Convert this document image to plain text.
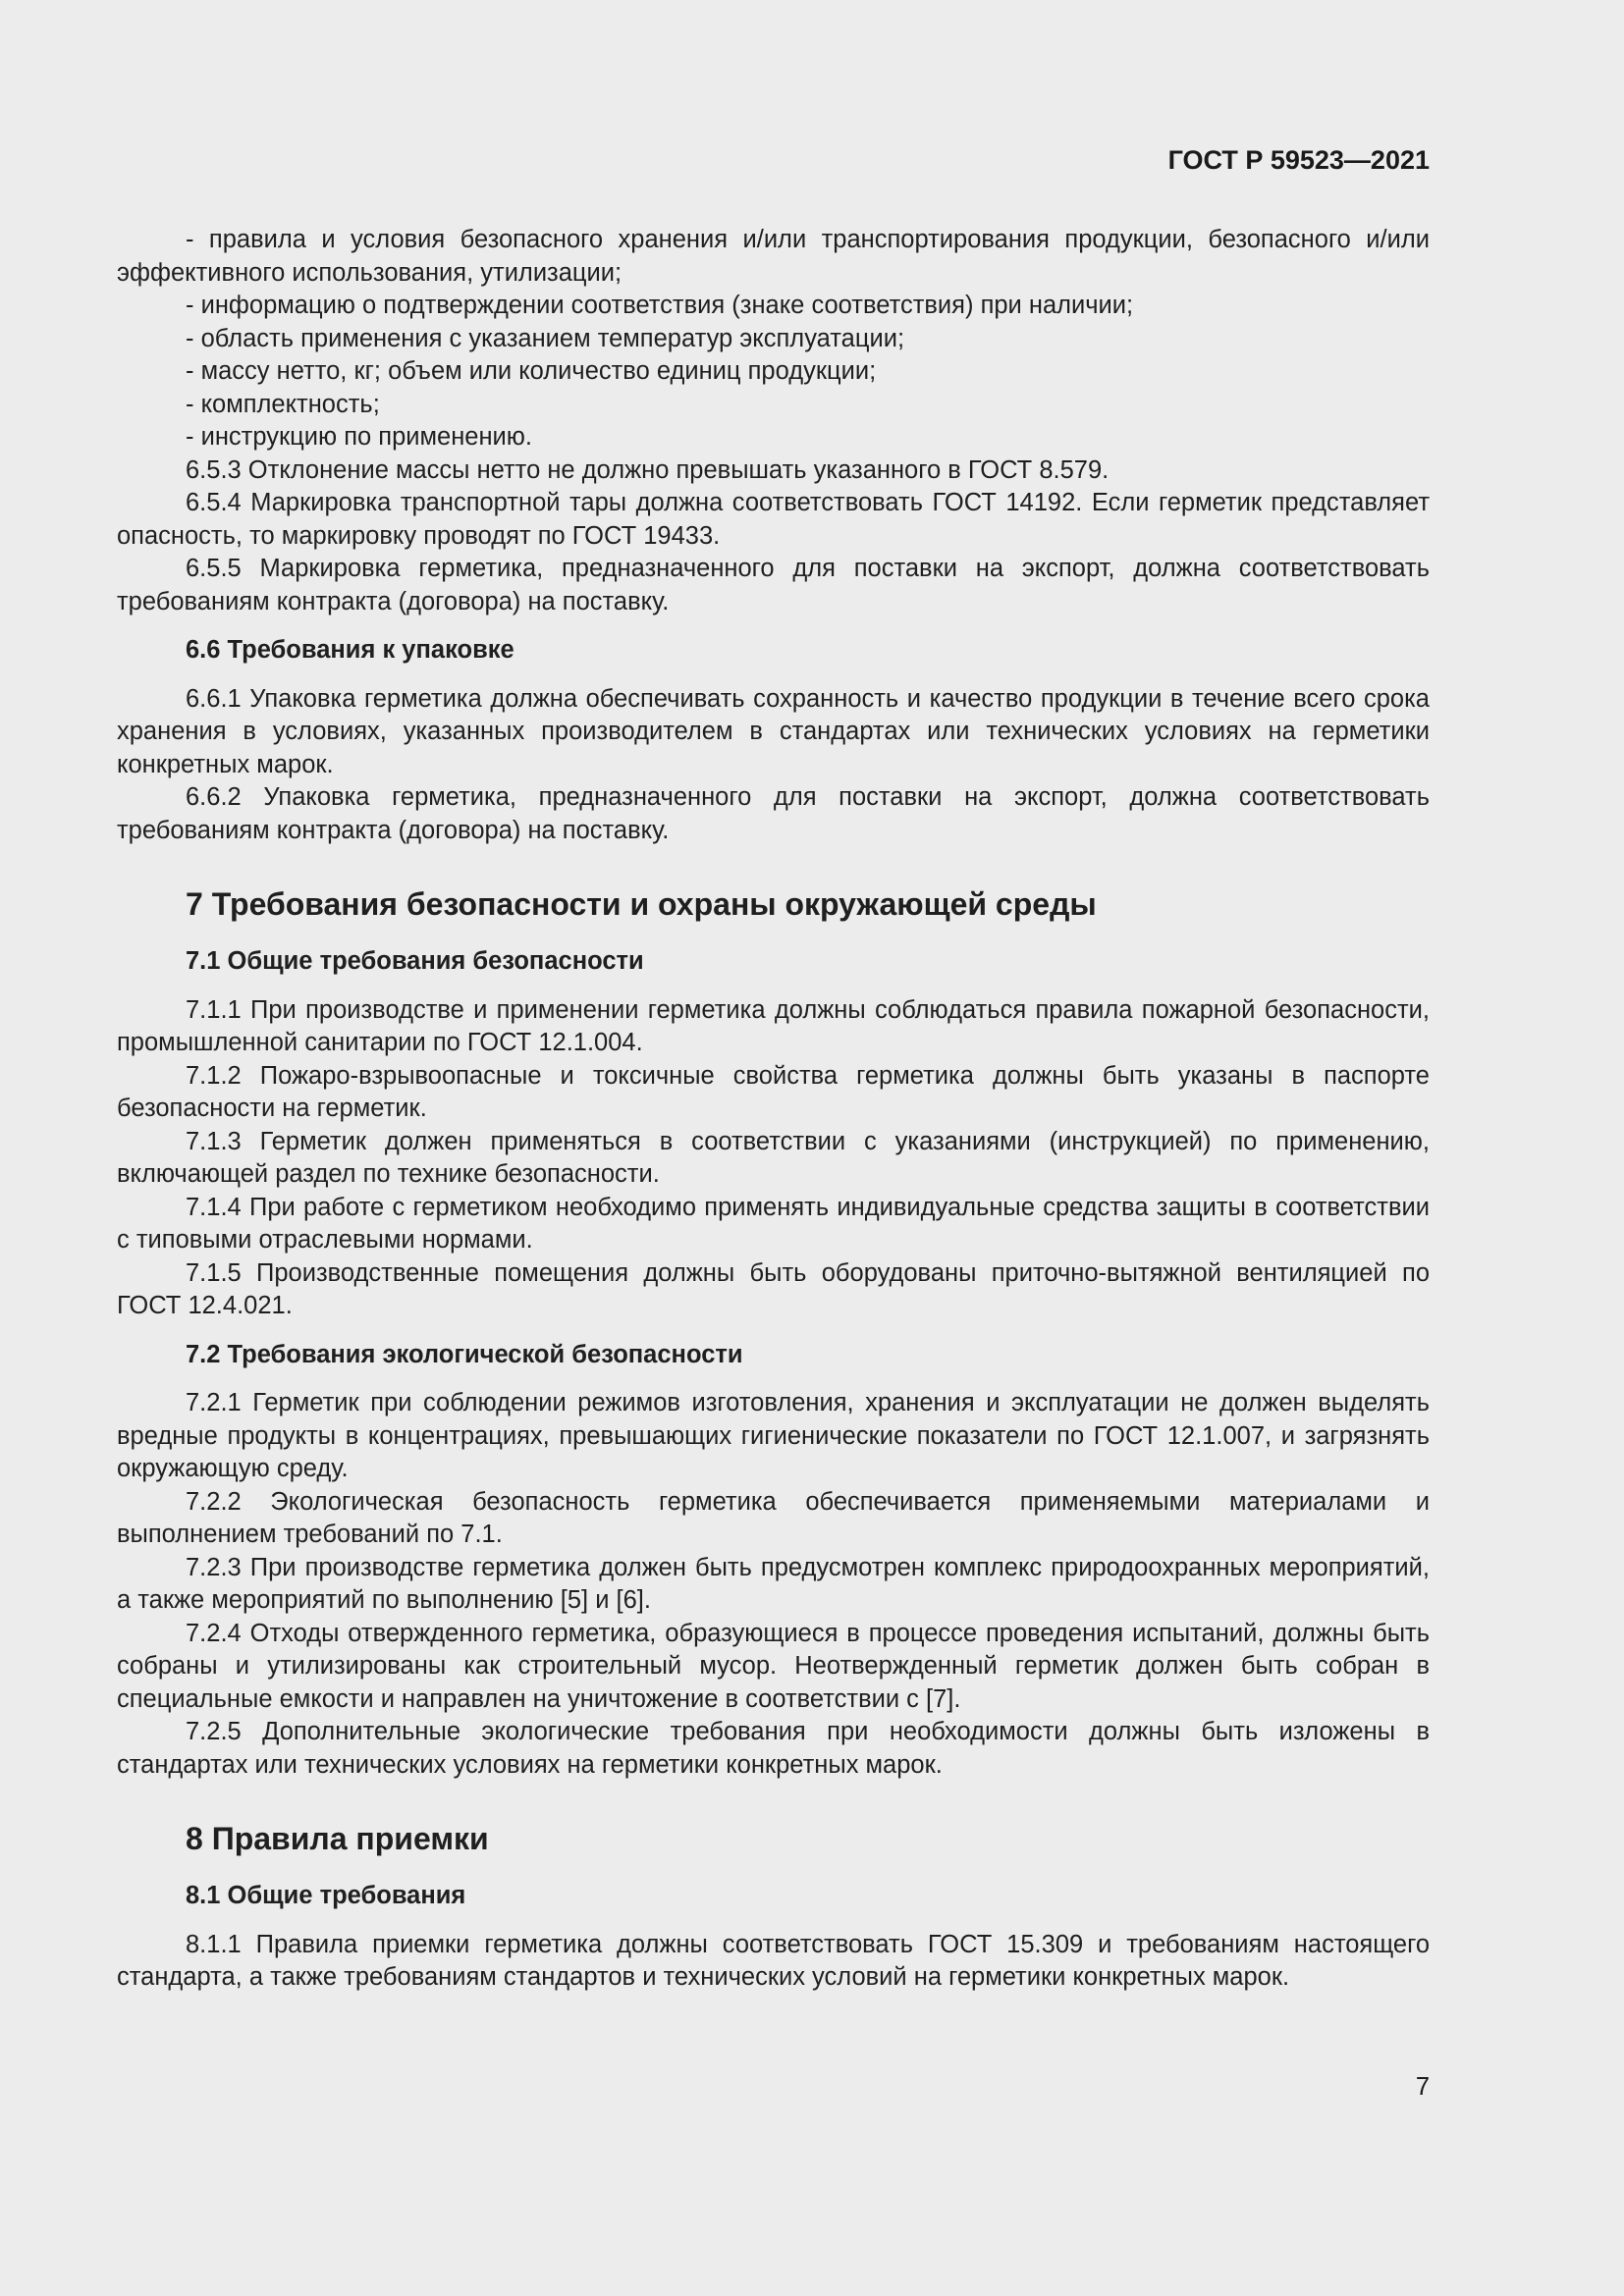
ГОСТ Р 59523—2021

- правила и условия безопасного хранения и/или транспортирования продукции, безопасного и/или эффективного использования, утилизации;

- информацию о подтверждении соответствия (знаке соответствия) при наличии;

- область применения с указанием температур эксплуатации;

- массу нетто, кг; объем или количество единиц продукции;

- комплектность;

- инструкцию по применению.

6.5.3 Отклонение массы нетто не должно превышать указанного в ГОСТ 8.579.

6.5.4 Маркировка транспортной тары должна соответствовать ГОСТ 14192. Если герметик представляет опасность, то маркировку проводят по ГОСТ 19433.

6.5.5 Маркировка герметика, предназначенного для поставки на экспорт, должна соответствовать требованиям контракта (договора) на поставку.

6.6 Требования к упаковке

6.6.1 Упаковка герметика должна обеспечивать сохранность и качество продукции в течение всего срока хранения в условиях, указанных производителем в стандартах или технических условиях на герметики конкретных марок.

6.6.2 Упаковка герметика, предназначенного для поставки на экспорт, должна соответствовать требованиям контракта (договора) на поставку.

7 Требования безопасности и охраны окружающей среды
7.1 Общие требования безопасности

7.1.1 При производстве и применении герметика должны соблюдаться правила пожарной безопасности, промышленной санитарии по ГОСТ 12.1.004.

7.1.2 Пожаро-взрывоопасные и токсичные свойства герметика должны быть указаны в паспорте безопасности на герметик.

7.1.3 Герметик должен применяться в соответствии с указаниями (инструкцией) по применению, включающей раздел по технике безопасности.

7.1.4 При работе с герметиком необходимо применять индивидуальные средства защиты в соответствии с типовыми отраслевыми нормами.

7.1.5 Производственные помещения должны быть оборудованы приточно-вытяжной вентиляцией по ГОСТ 12.4.021.

7.2 Требования экологической безопасности

7.2.1 Герметик при соблюдении режимов изготовления, хранения и эксплуатации не должен выделять вредные продукты в концентрациях, превышающих гигиенические показатели по ГОСТ 12.1.007, и загрязнять окружающую среду.

7.2.2 Экологическая безопасность герметика обеспечивается применяемыми материалами и выполнением требований по 7.1.

7.2.3 При производстве герметика должен быть предусмотрен комплекс природоохранных мероприятий, а также мероприятий по выполнению [5] и [6].

7.2.4 Отходы отвержденного герметика, образующиеся в процессе проведения испытаний, должны быть собраны и утилизированы как строительный мусор. Неотвержденный герметик должен быть собран в специальные емкости и направлен на уничтожение в соответствии с [7].

7.2.5 Дополнительные экологические требования при необходимости должны быть изложены в стандартах или технических условиях на герметики конкретных марок.

8 Правила приемки
8.1 Общие требования

8.1.1 Правила приемки герметика должны соответствовать ГОСТ 15.309 и требованиям настоящего стандарта, а также требованиям стандартов и технических условий на герметики конкретных марок.

7
